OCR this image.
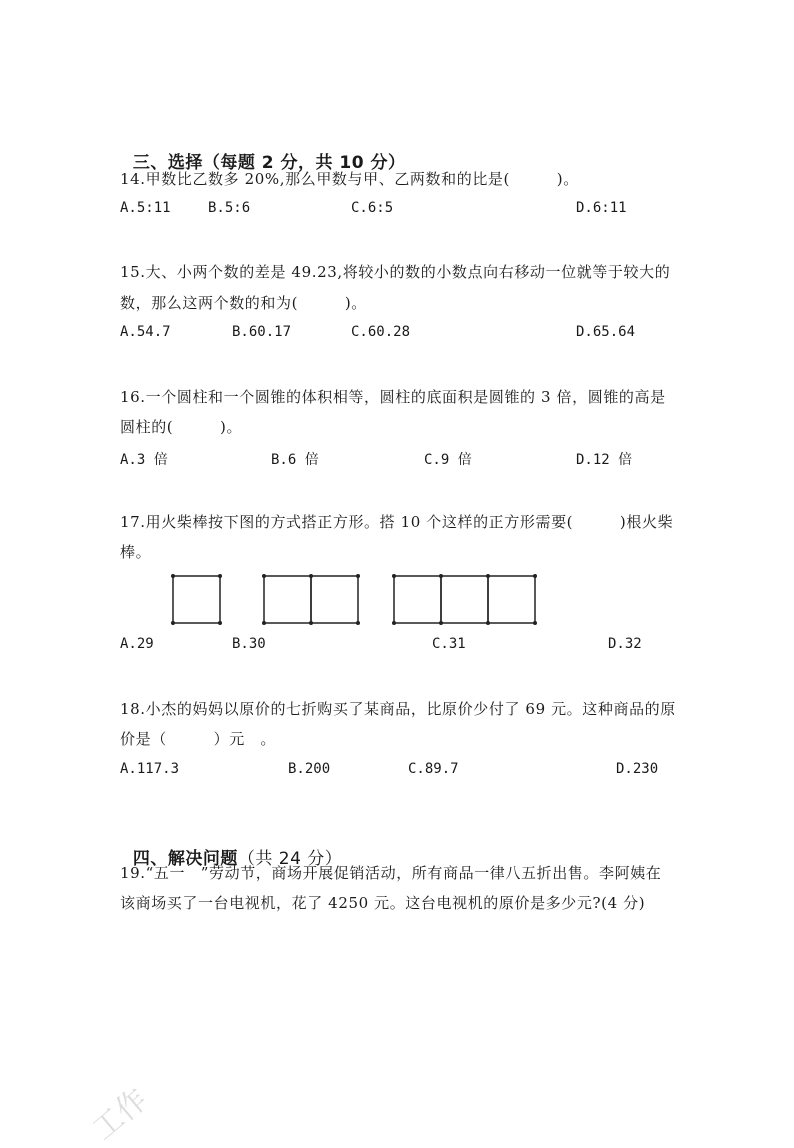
三、选择（每题 2 分，共 10 分）

14.甲数比乙数多 20%,那么甲数与甲、乙两数和的比是(　　　)。
A.5:11	B.5:6	C.6:5	D.6:11
15.大、小两个数的差是 49.23,将较小的数的小数点向右移动一位就等于较大的
数，那么这两个数的和为(　　　)。
A.54.7	B.60.17	C.60.28	D.65.64
16.一个圆柱和一个圆锥的体积相等，圆柱的底面积是圆锥的 3 倍，圆锥的高是
圆柱的(　　　)。
A.3 倍	B.6 倍	C.9 倍	D.12 倍
17.用火柴棒按下图的方式搭正方形。搭 10 个这样的正方形需要(　　　)根火柴
棒。
A.29	B.30	C.31	D.32
18.小杰的妈妈以原价的七折购买了某商品，比原价少付了 69 元。这种商品的原
价是（　　　）元　。
A.117.3	B.200	C.89.7	D.230

四、解决问题（共 24 分）

19.“五一　”劳动节，商场开展促销活动，所有商品一律八五折出售。李阿姨在
该商场买了一台电视机，花了 4250 元。这台电视机的原价是多少元?(4 分)
工作
